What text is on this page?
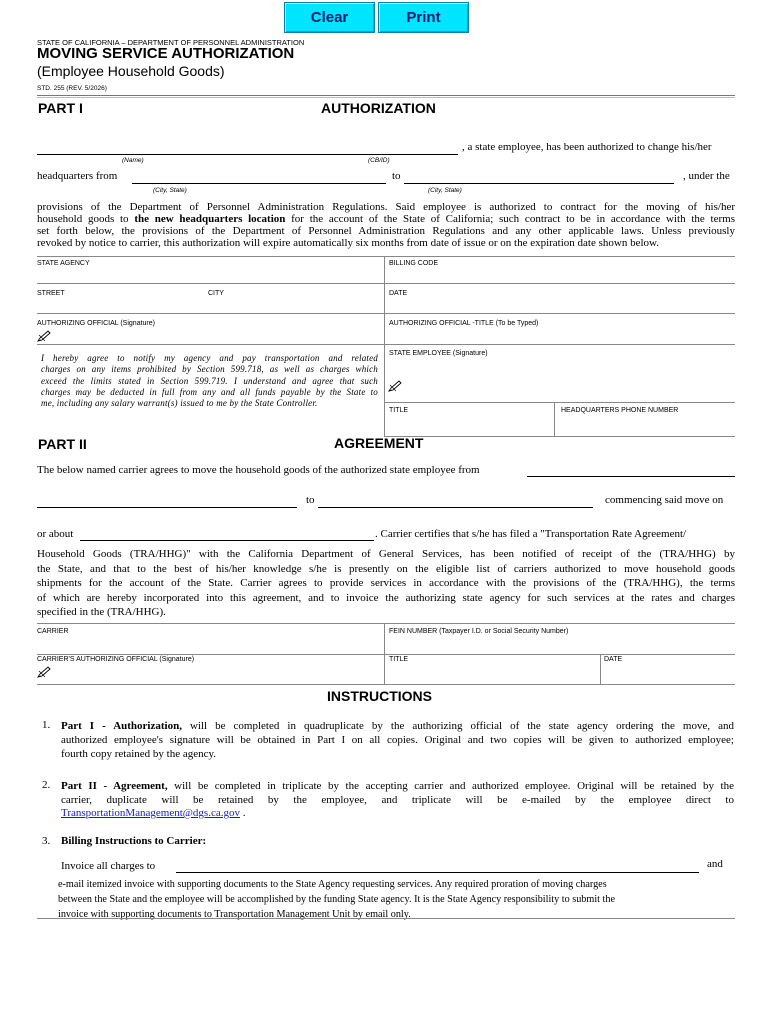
Clear	Print
STATE OF CALIFORNIA – DEPARTMENT OF PERSONNEL ADMINISTRATION
MOVING SERVICE AUTHORIZATION
(Employee Household Goods)
STD. 255 (REV. 5/2026)
PART I	AUTHORIZATION
, a state employee, has been authorized to change his/her
(Name)	(CB/ID)
headquarters from	to	, under the
(City, State)	(City, State)
provisions of the Department of Personnel Administration Regulations. Said employee is authorized to contract for the moving of his/her
household goods to the new headquarters location for the account of the State of California; such contract to be in accordance with the terms
set forth below, the provisions of the Department of Personnel Administration Regulations and any other applicable laws. Unless previously
revoked by notice to carrier, this authorization will expire automatically six months from date of issue or on the expiration date shown below.
STATE AGENCY	BILLING CODE
STREET	CITY	DATE
AUTHORIZING OFFICIAL (Signature)	AUTHORIZING OFFICIAL -TITLE (To be Typed)
STATE EMPLOYEE (Signature)
I hereby agree to notify my agency and pay transportation and related
charges on any items prohibited by Section 599.718, as well as charges which
exceed the limits stated in Section 599.719. I understand and agree that such
charges may be deducted in full from any and all funds payable by the State to
me, including any salary warrant(s) issued to me by the State Controller.
TITLE	HEADQUARTERS PHONE NUMBER
PART II	AGREEMENT
The below named carrier agrees to move the household goods of the authorized state employee from
to	commencing said move on
or about	. Carrier certifies that s/he has filed a "Transportation Rate Agreement/
Household Goods (TRA/HHG)" with the California Department of General Services, has been notified of receipt of the (TRA/HHG) by
the State, and that to the best of his/her knowledge s/he is presently on the eligible list of carriers authorized to move household goods
shipments for the account of the State. Carrier agrees to provide services in accordance with the provisions of the (TRA/HHG), the terms
of which are hereby incorporated into this agreement, and to invoice the authorizing state agency for such services at the rates and charges
specified in the (TRA/HHG).
CARRIER	FEIN NUMBER (Taxpayer I.D. or Social Security Number)
CARRIER'S AUTHORIZING OFFICIAL (Signature)	TITLE	DATE
INSTRUCTIONS
1. Part I - Authorization, will be completed in quadruplicate by the authorizing official of the state agency ordering the move, and
authorized employee's signature will be obtained in Part I on all copies. Original and two copies will be given to authorized employee;
fourth copy retained by the agency.
2. Part II - Agreement, will be completed in triplicate by the accepting carrier and authorized employee. Original will be retained by the
carrier, duplicate will be retained by the employee, and triplicate will be e-mailed by the employee direct to
TransportationManagement@dgs.ca.gov .
3. Billing Instructions to Carrier:
Invoice all charges to	and
e-mail itemized invoice with supporting documents to the State Agency requesting services. Any required proration of moving charges
between the State and the employee will be accomplished by the funding State agency. It is the State Agency responsibility to submit the
invoice with supporting documents to Transportation Management Unit by email only.
